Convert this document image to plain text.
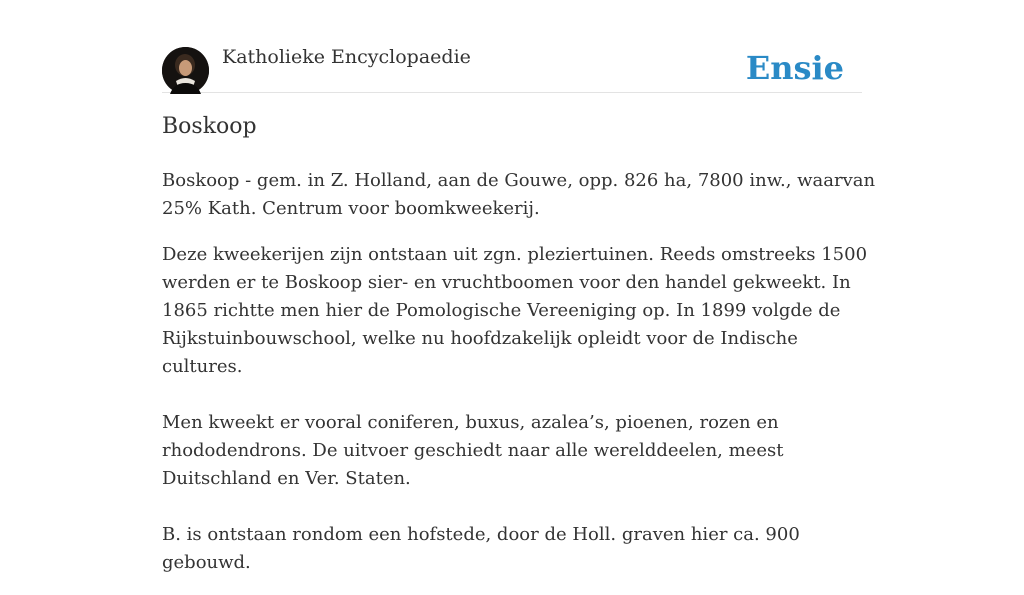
Katholieke Encyclopaedie	Ensie
Boskoop

Boskoop - gem. in Z. Holland, aan de Gouwe, opp. 826 ha, 7800 inw., waarvan 25% Kath. Centrum voor boomkweekerij.

Deze kweekerijen zijn ontstaan uit zgn. pleziertuinen. Reeds omstreeks 1500 werden er te Boskoop sier- en vruchtboomen voor den handel gekweekt. In 1865 richtte men hier de Pomologische Vereeniging op. In 1899 volgde de Rijkstuinbouwschool, welke nu hoofdzakelijk opleidt voor de Indische cultures.

Men kweekt er vooral coniferen, buxus, azalea’s, pioenen, rozen en rhododendrons. De uitvoer geschiedt naar alle werelddeelen, meest Duitschland en Ver. Staten.

B. is ontstaan rondom een hofstede, door de Holl. graven hier ca. 900 gebouwd.
